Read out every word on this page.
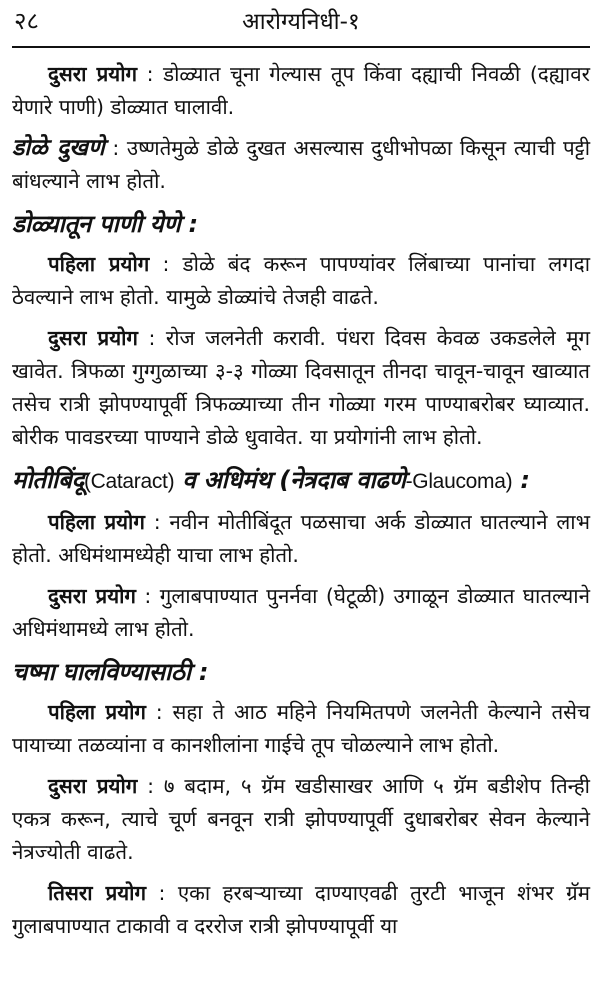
२८	आरोग्यनिधी-१

दुसरा प्रयोग : डोळ्यात चूना गेल्यास तूप किंवा दह्याची निवळी (दह्यावर येणारे पाणी) डोळ्यात घालावी.

डोळे दुखणे : उष्णतेमुळे डोळे दुखत असल्यास दुधीभोपळा किसून त्याची पट्टी बांधल्याने लाभ होतो.

डोळ्यातून पाणी येणे :

पहिला प्रयोग : डोळे बंद करून पापण्यांवर लिंबाच्या पानांचा लगदा ठेवल्याने लाभ होतो. यामुळे डोळ्यांचे तेजही वाढते.

दुसरा प्रयोग : रोज जलनेती करावी. पंधरा दिवस केवळ उकडलेले मूग खावेत. त्रिफळा गुग्गुळाच्या ३-३ गोळ्या दिवसातून तीनदा चावून-चावून खाव्यात तसेच रात्री झोपण्यापूर्वी त्रिफळ्याच्या तीन गोळ्या गरम पाण्याबरोबर घ्याव्यात. बोरीक पावडरच्या पाण्याने डोळे धुवावेत. या प्रयोगांनी लाभ होतो.

मोतीबिंदू(Cataract) व अधिमंथ (नेत्रदाब वाढणे-Glaucoma) :

पहिला प्रयोग : नवीन मोतीबिंदूत पळसाचा अर्क डोळ्यात घातल्याने लाभ होतो. अधिमंथामध्येही याचा लाभ होतो.

दुसरा प्रयोग : गुलाबपाण्यात पुनर्नवा (घेटूळी) उगाळून डोळ्यात घातल्याने अधिमंथामध्ये लाभ होतो.

चष्मा घालविण्यासाठी :

पहिला प्रयोग : सहा ते आठ महिने नियमितपणे जलनेती केल्याने तसेच पायाच्या तळव्यांना व कानशीलांना गाईचे तूप चोळल्याने लाभ होतो.

दुसरा प्रयोग : ७ बदाम, ५ ग्रॅम खडीसाखर आणि ५ ग्रॅम बडीशेप तिन्ही एकत्र करून, त्याचे चूर्ण बनवून रात्री झोपण्यापूर्वी दुधाबरोबर सेवन केल्याने नेत्रज्योती वाढते.

तिसरा प्रयोग : एका हरबऱ्याच्या दाण्याएवढी तुरटी भाजून शंभर ग्रॅम गुलाबपाण्यात टाकावी व दररोज रात्री झोपण्यापूर्वी या
